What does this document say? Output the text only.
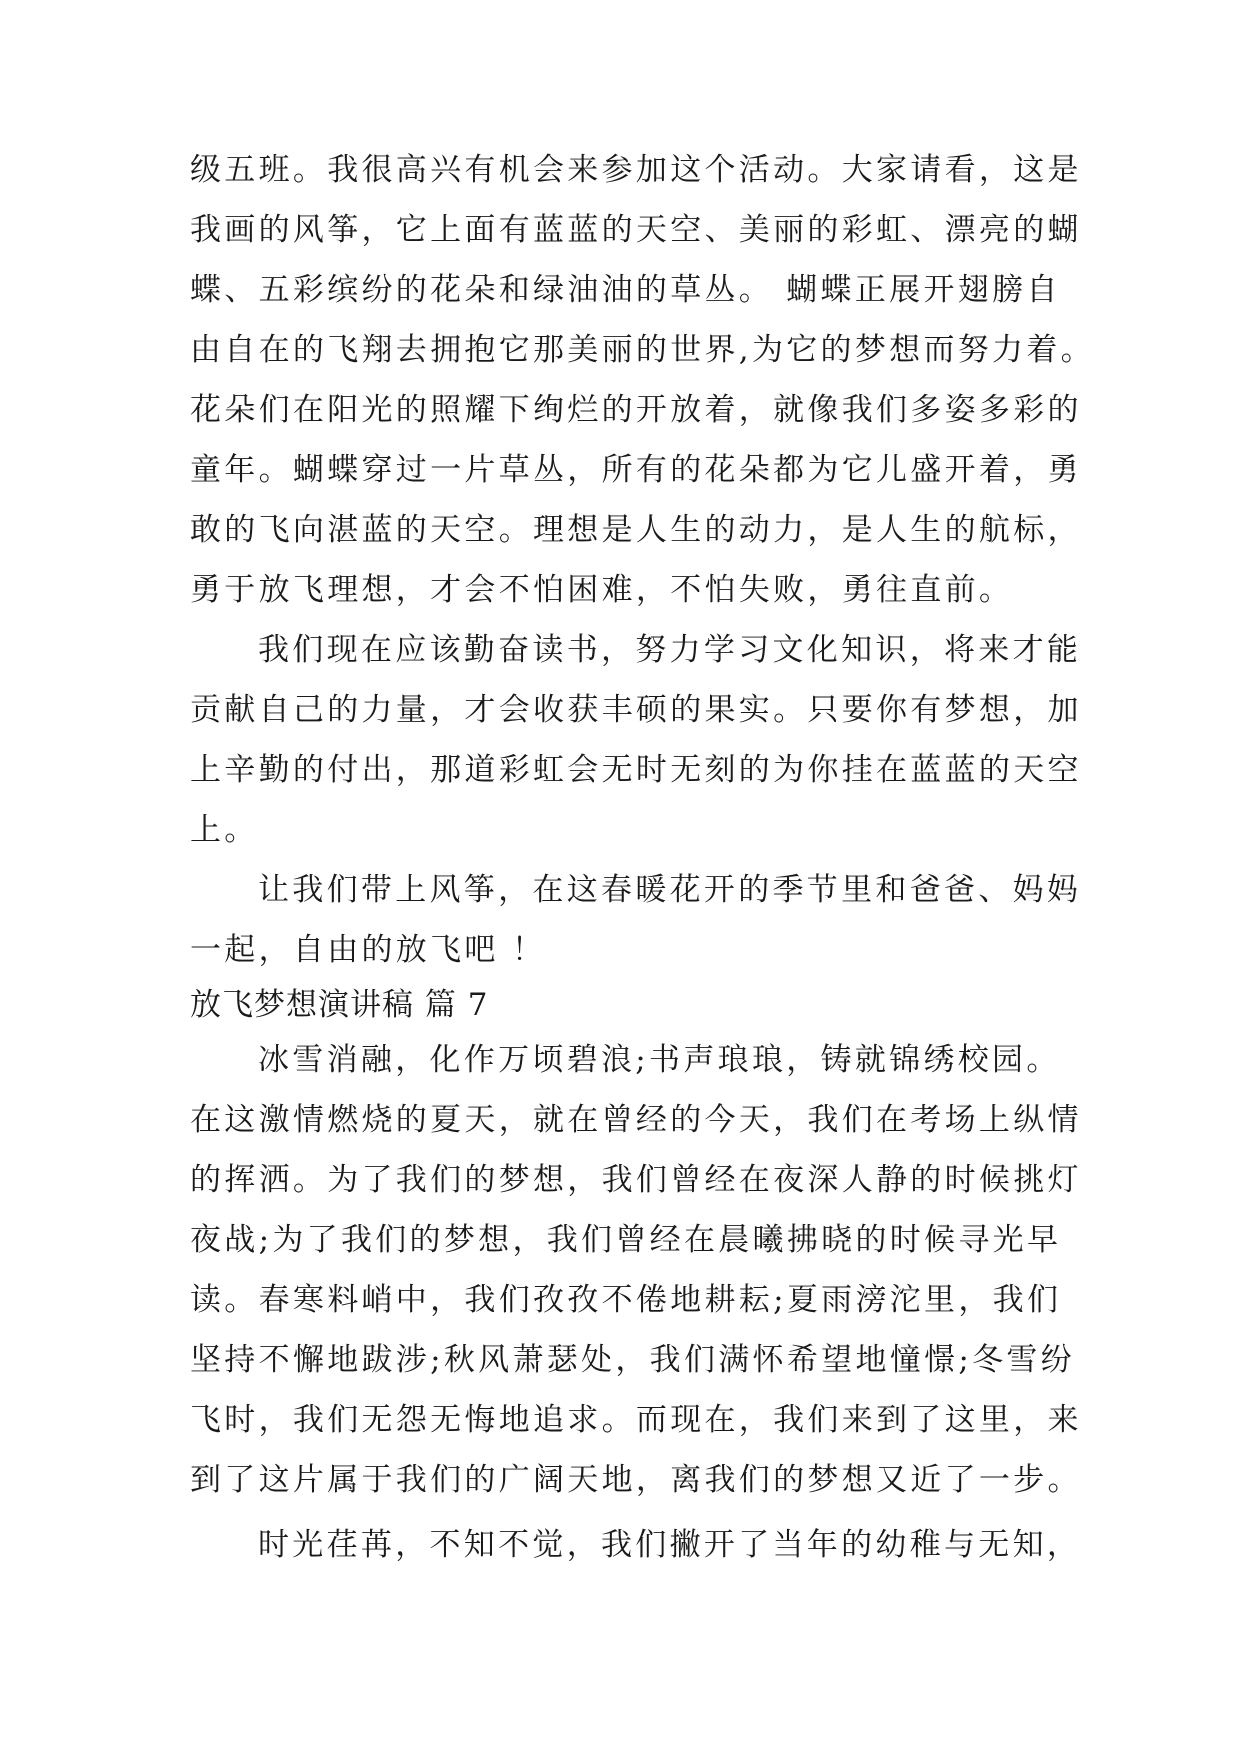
级五班。我很高兴有机会来参加这个活动。大家请看，这是
我画的风筝，它上面有蓝蓝的天空、美丽的彩虹、漂亮的蝴
蝶、五彩缤纷的花朵和绿油油的草丛。 蝴蝶正展开翅膀自
由自在的飞翔去拥抱它那美丽的世界,为它的梦想而努力着。
花朵们在阳光的照耀下绚烂的开放着，就像我们多姿多彩的
童年。蝴蝶穿过一片草丛，所有的花朵都为它儿盛开着，勇
敢的飞向湛蓝的天空。理想是人生的动力，是人生的航标，
勇于放飞理想，才会不怕困难，不怕失败，勇往直前。
我们现在应该勤奋读书，努力学习文化知识，将来才能
贡献自己的力量，才会收获丰硕的果实。只要你有梦想，加
上辛勤的付出，那道彩虹会无时无刻的为你挂在蓝蓝的天空
上。
让我们带上风筝，在这春暖花开的季节里和爸爸、妈妈
一起，自由的放飞吧 ！
放飞梦想演讲稿 篇 7
冰雪消融，化作万顷碧浪;书声琅琅，铸就锦绣校园。
在这激情燃烧的夏天，就在曾经的今天，我们在考场上纵情
的挥洒。为了我们的梦想，我们曾经在夜深人静的时候挑灯
夜战;为了我们的梦想，我们曾经在晨曦拂晓的时候寻光早
读。春寒料峭中，我们孜孜不倦地耕耘;夏雨滂沱里，我们
坚持不懈地跋涉;秋风萧瑟处，我们满怀希望地憧憬;冬雪纷
飞时，我们无怨无悔地追求。而现在，我们来到了这里，来
到了这片属于我们的广阔天地，离我们的梦想又近了一步。
时光荏苒，不知不觉，我们撇开了当年的幼稚与无知，
